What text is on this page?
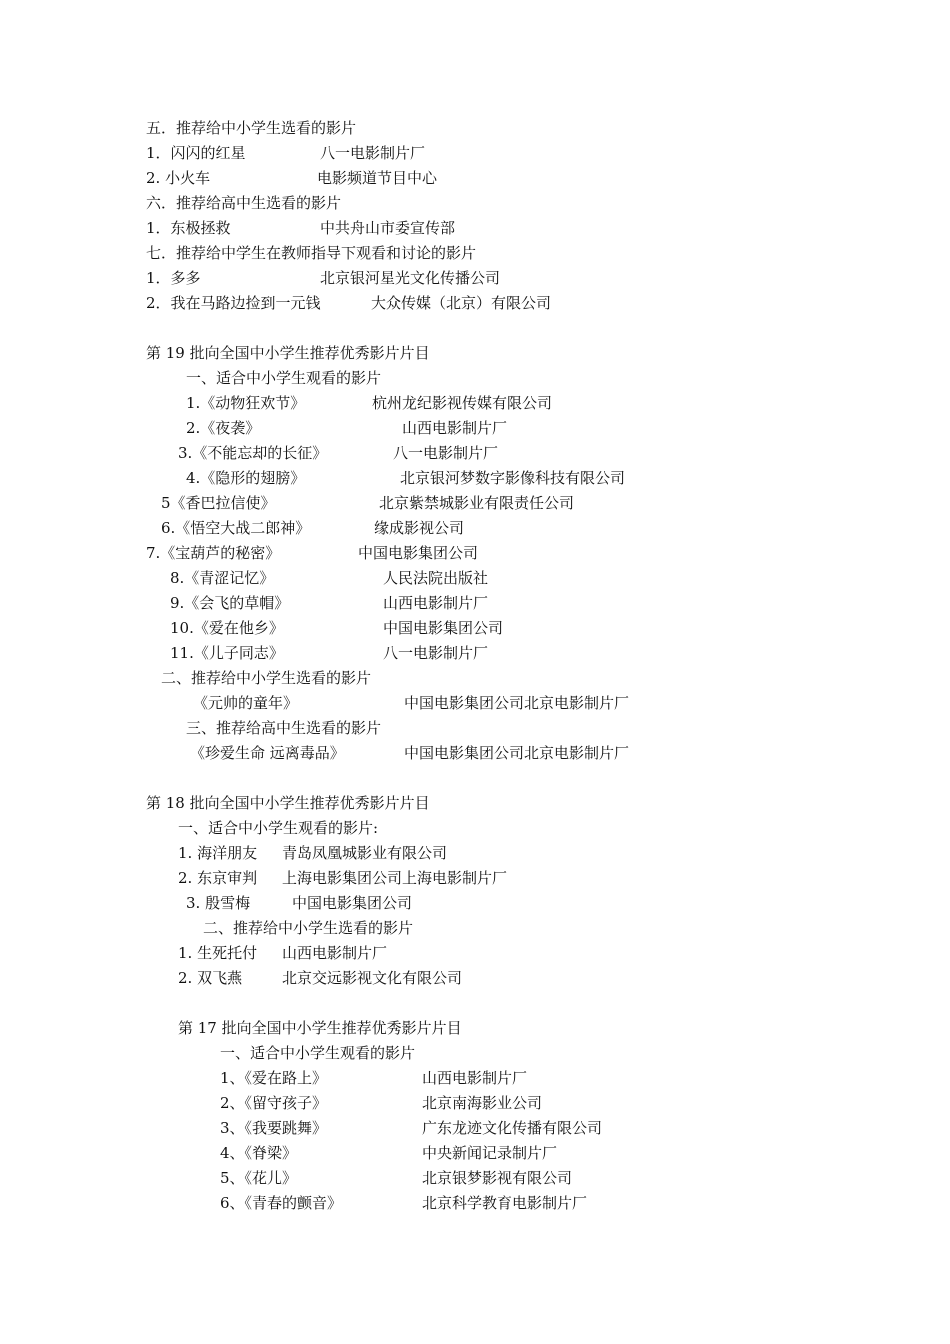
五．推荐给中小学生选看的影片
1．闪闪的红星	八一电影制片厂
2. 小火车	电影频道节目中心
六．推荐给高中生选看的影片
1．东极拯救	中共舟山市委宣传部
七．推荐给中学生在教师指导下观看和讨论的影片
1．多多	北京银河星光文化传播公司
2．我在马路边捡到一元钱	大众传媒（北京）有限公司
第 19 批向全国中小学生推荐优秀影片片目
一、适合中小学生观看的影片
1.《动物狂欢节》	杭州龙纪影视传媒有限公司
2.《夜袭》	山西电影制片厂
3.《不能忘却的长征》	八一电影制片厂
4.《隐形的翅膀》	北京银河梦数字影像科技有限公司
5《香巴拉信使》	北京紫禁城影业有限责任公司
6.《悟空大战二郎神》	缘成影视公司
7.《宝葫芦的秘密》	中国电影集团公司
8.《青涩记忆》	人民法院出版社
9.《会飞的草帽》	山西电影制片厂
10.《爱在他乡》	中国电影集团公司
11.《儿子同志》	八一电影制片厂
二、推荐给中小学生选看的影片
《元帅的童年》	中国电影集团公司北京电影制片厂
三、推荐给高中生选看的影片
《珍爱生命 远离毒品》	中国电影集团公司北京电影制片厂
第 18 批向全国中小学生推荐优秀影片片目
一、适合中小学生观看的影片:
1. 海洋朋友 青岛凤凰城影业有限公司
2. 东京审判 上海电影集团公司上海电影制片厂
3. 殷雪梅	中国电影集团公司
二、推荐给中小学生选看的影片
1. 生死托付 山西电影制片厂
2. 双飞燕	北京交远影视文化有限公司
第 17 批向全国中小学生推荐优秀影片片目
一、适合中小学生观看的影片
1、《爱在路上》	山西电影制片厂
2、《留守孩子》	北京南海影业公司
3、《我要跳舞》	广东龙迹文化传播有限公司
4、《脊梁》	中央新闻记录制片厂
5、《花儿》	北京银梦影视有限公司
6、《青春的颤音》	北京科学教育电影制片厂
